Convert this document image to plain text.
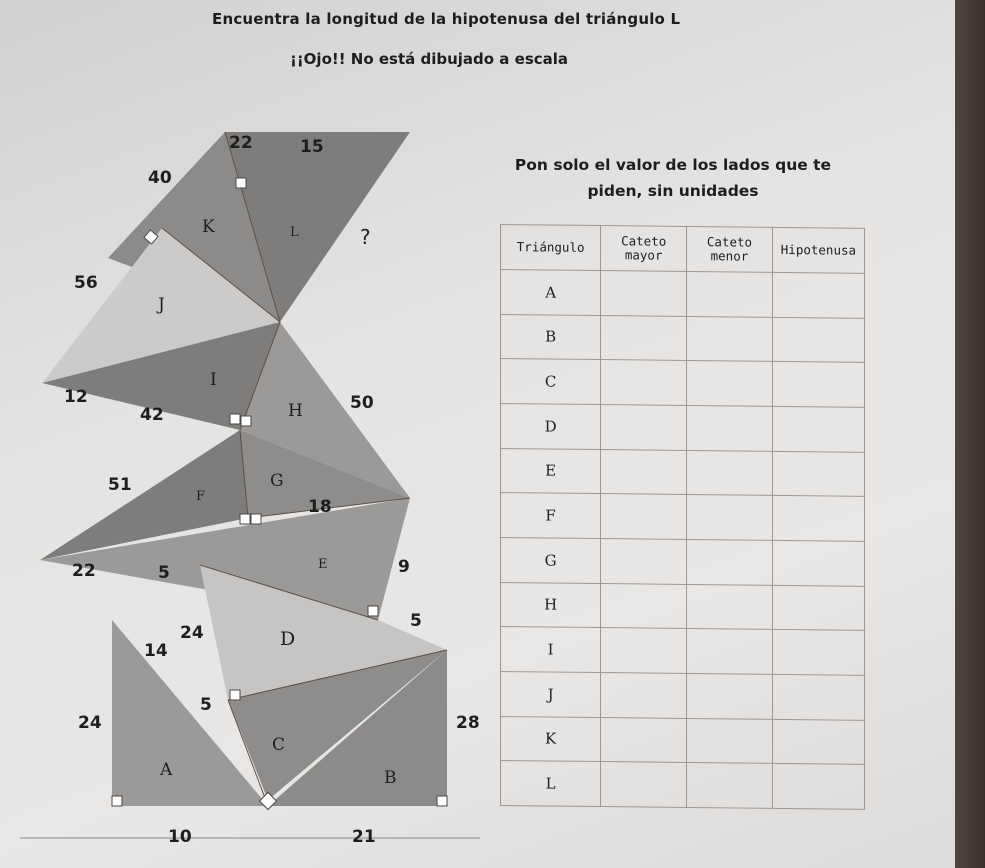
Encuentra la longitud de la hipotenusa del triángulo L
¡¡Ojo!! No está dibujado a escala
Pon solo el valor de los lados que te
piden, sin unidades
22	15
40
?
56
12
42
50
51
18
22	5	9
5
14
24
5
24	28
10	21
K	L
J
I
H
G
F
E
D
C
A	B
Triángulo	Cateto mayor	Cateto menor	Hipotenusa
A			
B			
C			
D			
E			
F			
G			
H			
I			
J			
K			
L			
